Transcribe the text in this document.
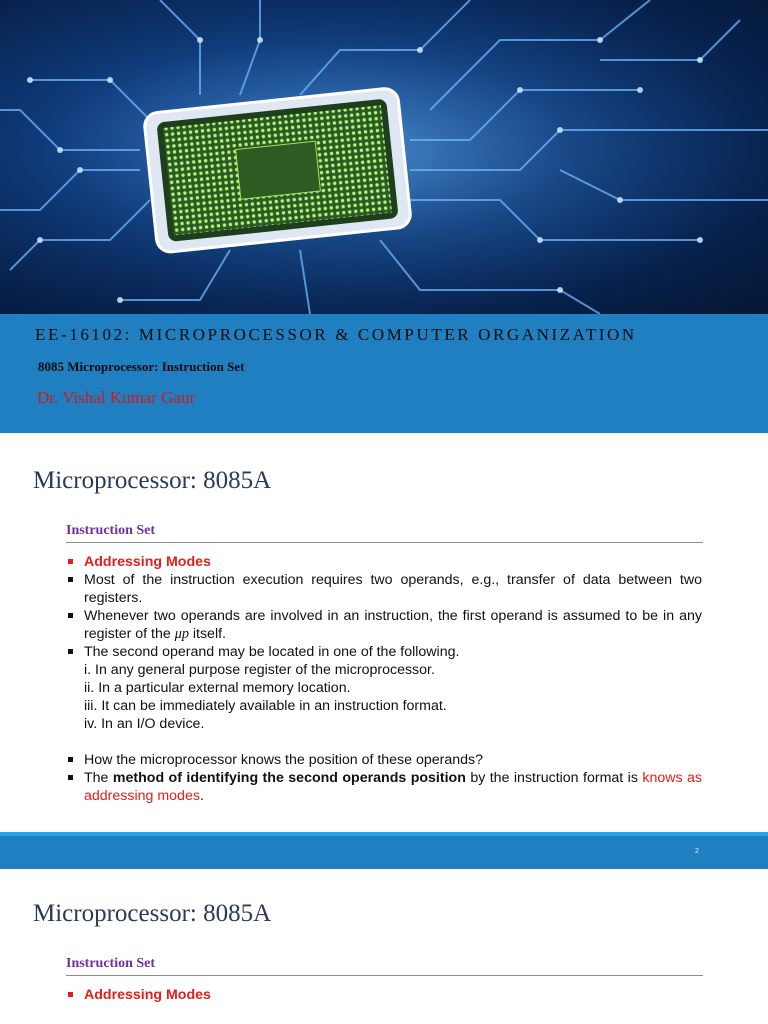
EE-16102: MICROPROCESSOR & COMPUTER ORGANIZATION
8085 Microprocessor: Instruction Set
Dr. Vishal Kumar Gaur
Microprocessor: 8085A
Instruction Set
Addressing Modes
Most of the instruction execution requires two operands, e.g., transfer of data between two registers.
Whenever two operands are involved in an instruction, the first operand is assumed to be in any register of the μp itself.
The second operand may be located in one of the following.
i. In any general purpose register of the microprocessor.
ii. In a particular external memory location.
iii. It can be immediately available in an instruction format.
iv. In an I/O device.
How the microprocessor knows the position of these operands?
The method of identifying the second operands position by the instruction format is knows as addressing modes.
2
Microprocessor: 8085A
Instruction Set
Addressing Modes
